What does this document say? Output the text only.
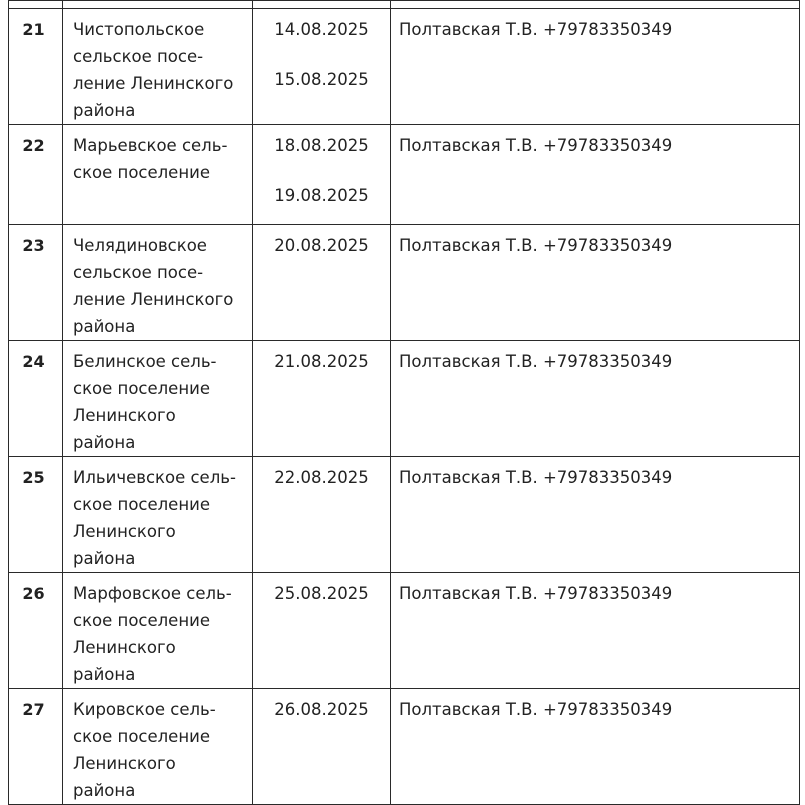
21	Чистопольское
сельское посе-
ление Ленинского
района	14.08.2025
15.08.2025	Полтавская Т.В. +79783350349
22	Марьевское сель-
ское поселение	18.08.2025
19.08.2025	Полтавская Т.В. +79783350349
23	Челядиновское
сельское посе-
ление Ленинского
района	20.08.2025	Полтавская Т.В. +79783350349
24	Белинское сель-
ское поселение
Ленинского
района	21.08.2025	Полтавская Т.В. +79783350349
25	Ильичевское сель-
ское поселение
Ленинского
района	22.08.2025	Полтавская Т.В. +79783350349
26	Марфовское сель-
ское поселение
Ленинского
района	25.08.2025	Полтавская Т.В. +79783350349
27	Кировское сель-
ское поселение
Ленинского
района	26.08.2025	Полтавская Т.В. +79783350349
